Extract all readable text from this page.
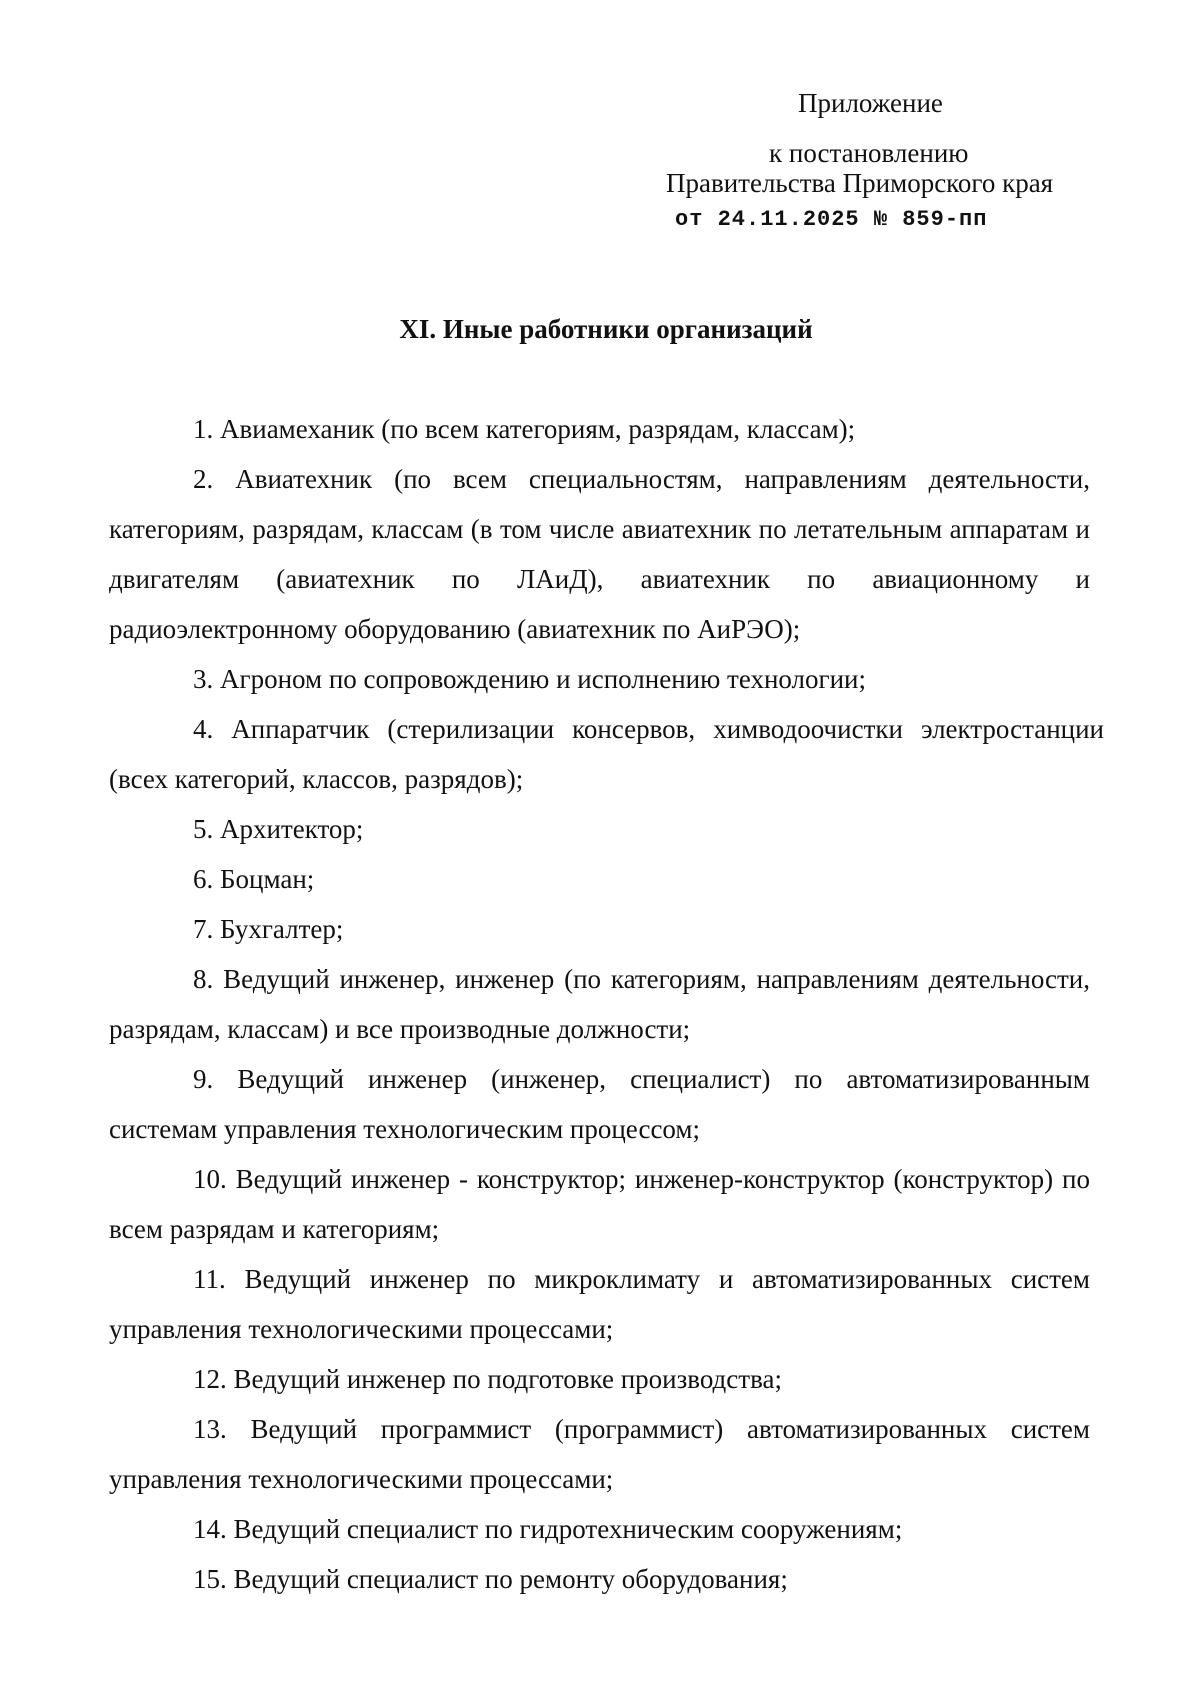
Приложение
к постановлению
Правительства Приморского края
от 24.11.2025 № 859-пп
XI. Иные работники организаций

1. Авиамеханик (по всем категориям, разрядам, классам);

2. Авиатехник (по всем специальностям, направлениям деятельности, категориям, разрядам, классам (в том числе авиатехник по летательным аппаратам и двигателям (авиатехник по ЛАиД), авиатехник по авиационному и радиоэлектронному оборудованию (авиатехник по АиРЭО);

3. Агроном по сопровождению и исполнению технологии;

4. Аппаратчик (стерилизации консервов, химводоочистки электростанции (всех категорий, классов, разрядов);

5. Архитектор;

6. Боцман;

7. Бухгалтер;

8. Ведущий инженер, инженер (по категориям, направлениям деятельности, разрядам, классам) и все производные должности;

9. Ведущий инженер (инженер, специалист) по автоматизированным системам управления технологическим процессом;

10. Ведущий инженер - конструктор; инженер-конструктор (конструктор) по всем разрядам и категориям;

11. Ведущий инженер по микроклимату и автоматизированных систем управления технологическими процессами;

12. Ведущий инженер по подготовке производства;

13. Ведущий программист (программист) автоматизированных систем управления технологическими процессами;

14. Ведущий специалист по гидротехническим сооружениям;

15. Ведущий специалист по ремонту оборудования;
